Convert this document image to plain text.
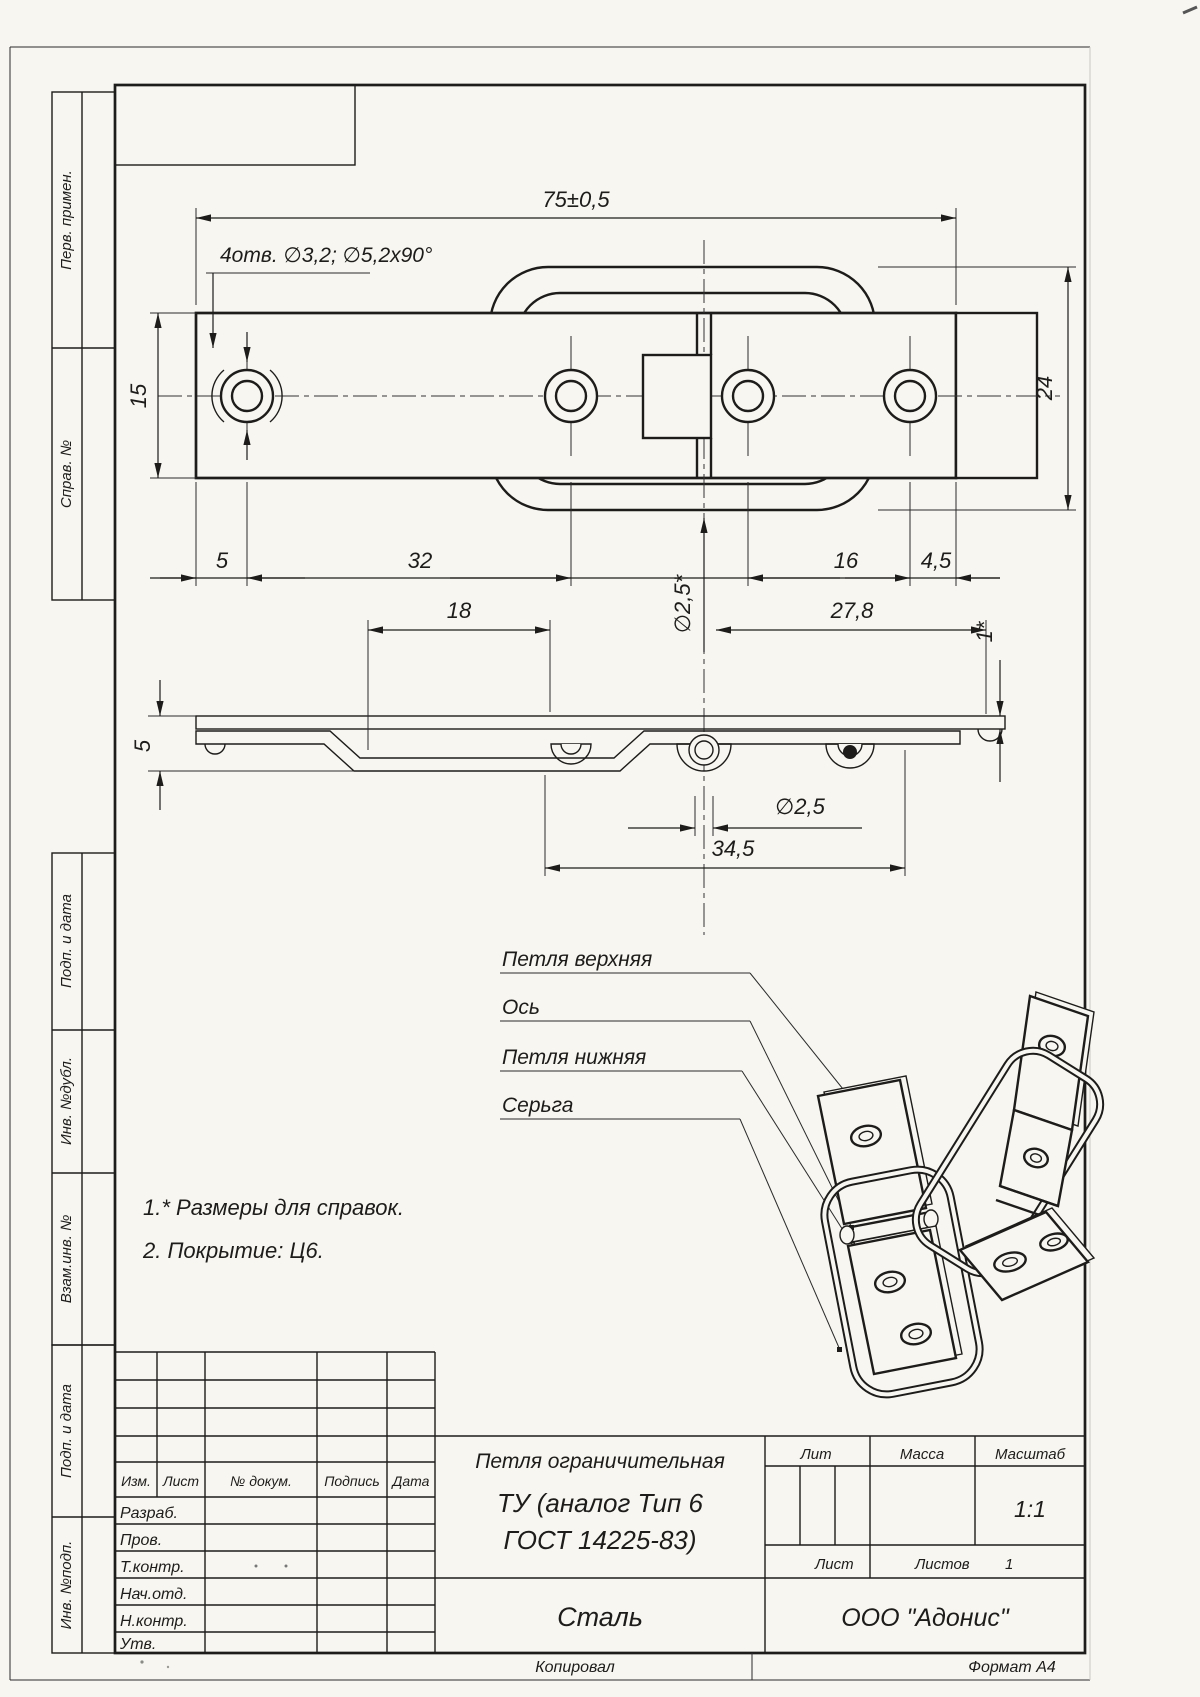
Перв. примен.
Справ. №
Подп. и дата
Инв. №дубл.
Взам.инв. №
Подп. и дата
Инв. №подп.
75±0,5
4отв. ∅3,2; ∅5,2x90°
15	24
5	32	16	4,5
∅2,5*
18	27,8
1*
5
∅2,5
34,5
Петля верхняя
Ось
Петля нижняя
Серьга
1.* Размеры для справок.
2. Покрытие: Ц6.
Изм. Лист № докум. Подпись Дата
Разраб.
Пров.
Т.контр.
Нач.отд.
Н.контр.
Утв.
Петля ограничительная
ТУ (аналог Тип 6
ГОСТ 14225-83)
Сталь
Лит	Масса	Масштаб
Лист	Листов 1
1:1
ООО "Адонис"
Копировал	Формат А4
